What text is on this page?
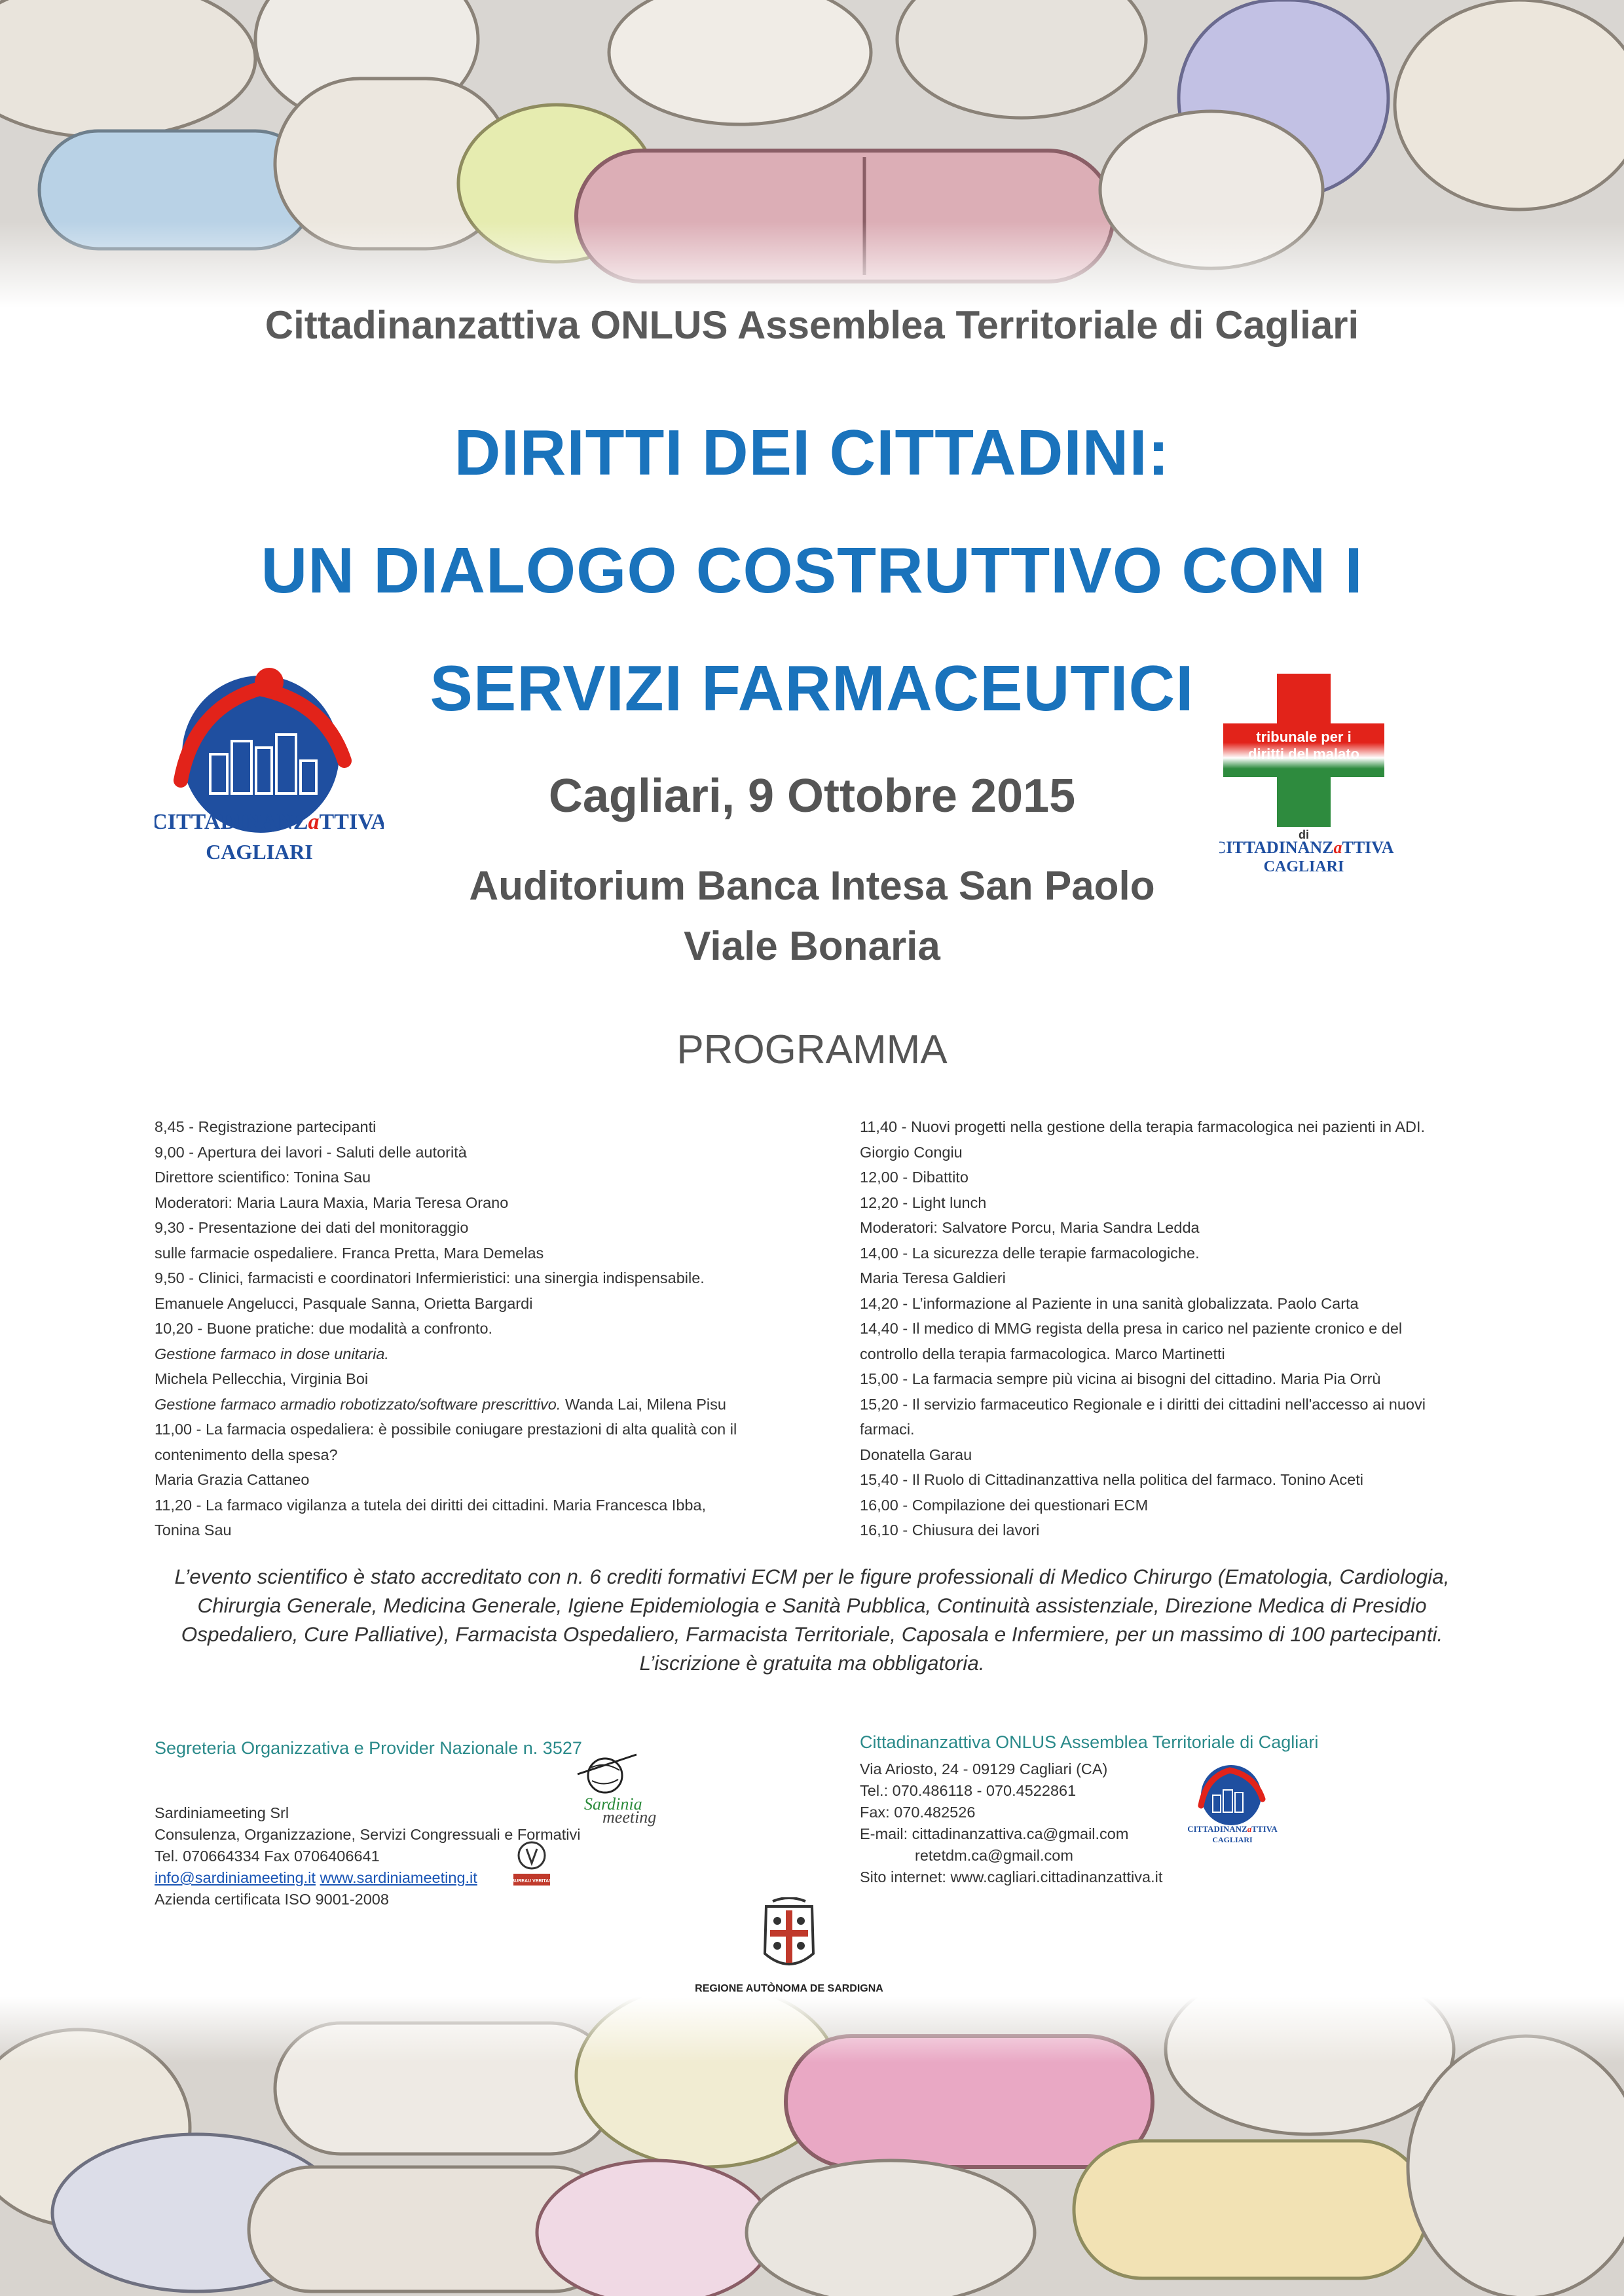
Cittadinanzattiva ONLUS Assemblea Territoriale di Cagliari
DIRITTI DEI CITTADINI:
UN DIALOGO COSTRUTTIVO CON I
SERVIZI FARMACEUTICI
Cagliari, 9 Ottobre 2015
Auditorium Banca Intesa San Paolo
Viale Bonaria
CITTADINANZaTTIVA
CAGLIARI
tribunale per i
diritti del malato
di
CITTADINANZaTTIVA
CAGLIARI
PROGRAMMA
8,45 - Registrazione partecipanti
9,00 - Apertura dei lavori - Saluti delle autorità
Direttore scientifico: Tonina Sau
Moderatori: Maria Laura Maxia, Maria Teresa Orano
9,30 - Presentazione dei dati del monitoraggio
sulle farmacie ospedaliere. Franca Pretta, Mara Demelas
9,50 - Clinici, farmacisti e coordinatori Infermieristici: una sinergia indispensabile.
Emanuele Angelucci, Pasquale Sanna, Orietta Bargardi
10,20 - Buone pratiche: due modalità a confronto.
Gestione farmaco in dose unitaria.
Michela Pellecchia, Virginia Boi
Gestione farmaco armadio robotizzato/software prescrittivo. Wanda Lai, Milena Pisu
11,00 - La farmacia ospedaliera: è possibile coniugare prestazioni di alta qualità con il
contenimento della spesa?
Maria Grazia Cattaneo
11,20 - La farmaco vigilanza a tutela dei diritti dei cittadini. Maria Francesca Ibba,
Tonina Sau
11,40 - Nuovi progetti nella gestione della terapia farmacologica nei pazienti in ADI.
Giorgio Congiu
12,00 - Dibattito
12,20 - Light lunch
Moderatori: Salvatore Porcu, Maria Sandra Ledda
14,00 - La sicurezza delle terapie farmacologiche.
Maria Teresa Galdieri
14,20 - L’informazione al Paziente in una sanità globalizzata. Paolo Carta
14,40 - Il medico di MMG regista della presa in carico nel paziente cronico e del
controllo della terapia farmacologica. Marco Martinetti
15,00 - La farmacia sempre più vicina ai bisogni del cittadino. Maria Pia Orrù
15,20 - Il servizio farmaceutico Regionale e i diritti dei cittadini nell'accesso ai nuovi
farmaci.
Donatella Garau
15,40 - Il Ruolo di Cittadinanzattiva nella politica del farmaco. Tonino Aceti
16,00 - Compilazione dei questionari ECM
16,10 - Chiusura dei lavori
L’evento scientifico è stato accreditato con n. 6 crediti formativi ECM per le figure professionali di Medico Chirurgo (Ematologia, Cardiologia,
Chirurgia Generale, Medicina Generale, Igiene Epidemiologia e Sanità Pubblica, Continuità assistenziale, Direzione Medica di Presidio
Ospedaliero, Cure Palliative), Farmacista Ospedaliero, Farmacista Territoriale, Caposala e Infermiere, per un massimo di 100 partecipanti.
L’iscrizione è gratuita ma obbligatoria.
Segreteria Organizzativa e Provider Nazionale n. 3527
Sardiniameeting Srl
Consulenza, Organizzazione, Servizi Congressuali e Formativi
Tel. 070664334 Fax 0706406641
info@sardiniameeting.it www.sardiniameeting.it
Azienda certificata ISO 9001-2008
Sardinia
meeting
BUREAU VERITAS
Cittadinanzattiva ONLUS Assemblea Territoriale di Cagliari
Via Ariosto, 24 - 09129 Cagliari (CA)
Tel.: 070.486118 - 070.4522861
Fax: 070.482526
E-mail: cittadinanzattiva.ca@gmail.com
retetdm.ca@gmail.com
Sito internet: www.cagliari.cittadinanzattiva.it
CITTADINANZaTTIVA
CAGLIARI
REGIONE AUTÒNOMA DE SARDIGNA
